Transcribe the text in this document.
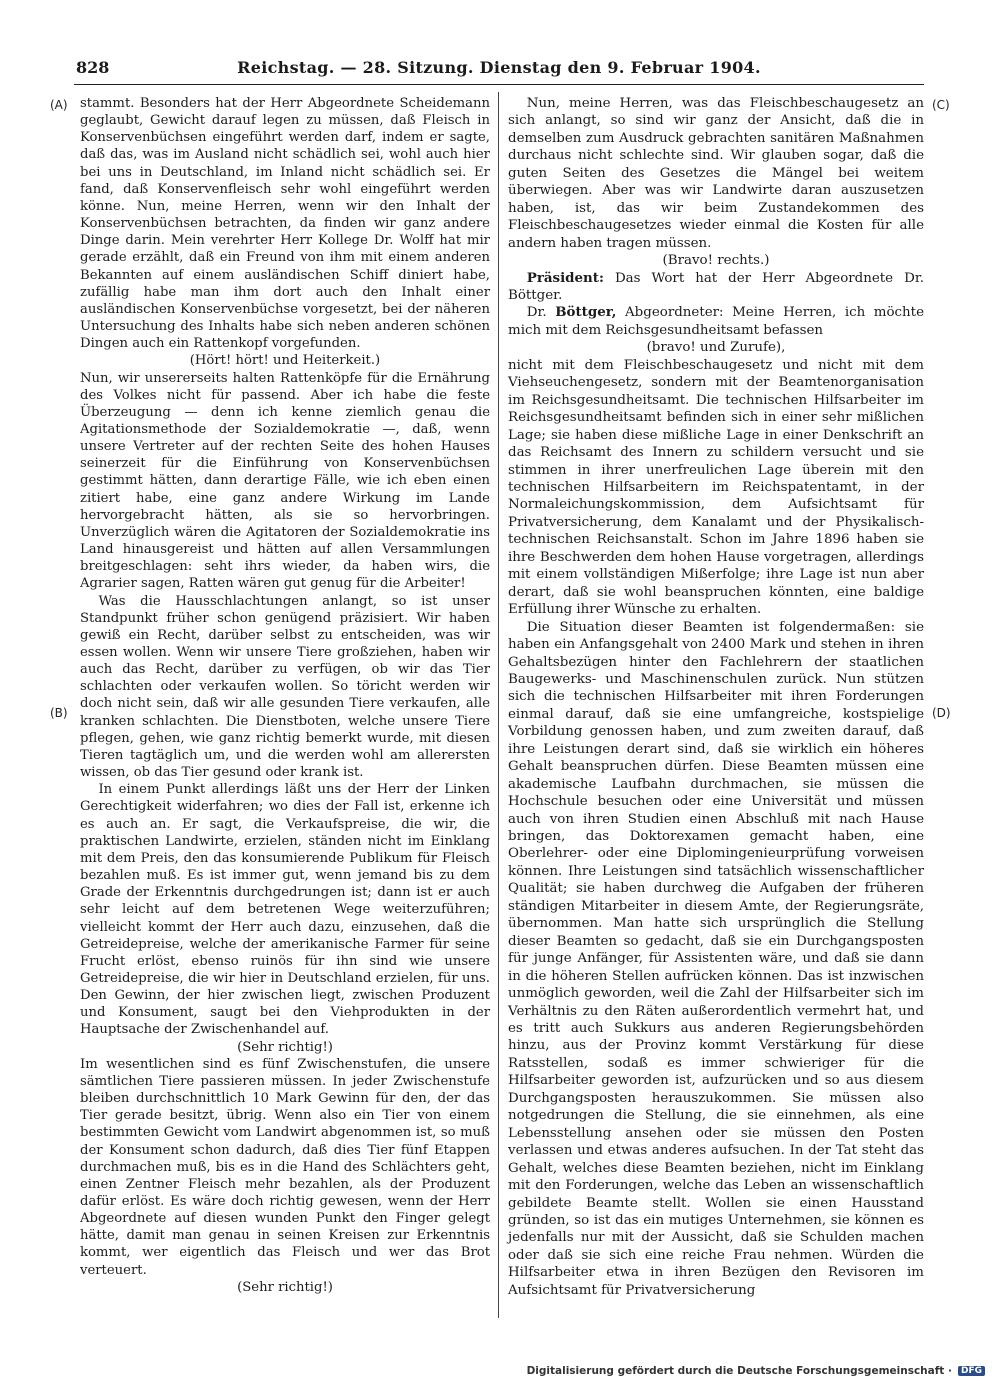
828	Reichstag. — 28. Sitzung. Dienstag den 9. Februar 1904.
(A)
(B)
(C)
(D)

stammt. Besonders hat der Herr Abgeordnete Scheidemann geglaubt, Gewicht darauf legen zu müssen, daß Fleisch in Konservenbüchsen eingeführt werden darf, indem er sagte, daß das, was im Ausland nicht schädlich sei, wohl auch hier bei uns in Deutschland, im Inland nicht schädlich sei. Er fand, daß Konservenfleisch sehr wohl eingeführt werden könne. Nun, meine Herren, wenn wir den Inhalt der Konservenbüchsen betrachten, da finden wir ganz andere Dinge darin. Mein verehrter Herr Kollege Dr. Wolff hat mir gerade erzählt, daß ein Freund von ihm mit einem anderen Bekannten auf einem ausländischen Schiff diniert habe, zufällig habe man ihm dort auch den Inhalt einer ausländischen Konservenbüchse vorgesetzt, bei der näheren Untersuchung des Inhalts habe sich neben anderen schönen Dingen auch ein Rattenkopf vorgefunden.

(Hört! hört! und Heiterkeit.)

Nun, wir unsererseits halten Rattenköpfe für die Ernährung des Volkes nicht für passend. Aber ich habe die feste Überzeugung — denn ich kenne ziemlich genau die Agitationsmethode der Sozialdemokratie —, daß, wenn unsere Vertreter auf der rechten Seite des hohen Hauses seinerzeit für die Einführung von Konservenbüchsen gestimmt hätten, dann derartige Fälle, wie ich eben einen zitiert habe, eine ganz andere Wirkung im Lande hervorgebracht hätten, als sie so hervorbringen. Unverzüglich wären die Agitatoren der Sozialdemokratie ins Land hinausgereist und hätten auf allen Versammlungen breitgeschlagen: seht ihrs wieder, da haben wirs, die Agrarier sagen, Ratten wären gut genug für die Arbeiter!

Was die Hausschlachtungen anlangt, so ist unser Standpunkt früher schon genügend präzisiert. Wir haben gewiß ein Recht, darüber selbst zu entscheiden, was wir essen wollen. Wenn wir unsere Tiere großziehen, haben wir auch das Recht, darüber zu verfügen, ob wir das Tier schlachten oder verkaufen wollen. So töricht werden wir doch nicht sein, daß wir alle gesunden Tiere verkaufen, alle kranken schlachten. Die Dienstboten, welche unsere Tiere pflegen, gehen, wie ganz richtig bemerkt wurde, mit diesen Tieren tagtäglich um, und die werden wohl am allerersten wissen, ob das Tier gesund oder krank ist.

In einem Punkt allerdings läßt uns der Herr der Linken Gerechtigkeit widerfahren; wo dies der Fall ist, erkenne ich es auch an. Er sagt, die Verkaufspreise, die wir, die praktischen Landwirte, erzielen, ständen nicht im Einklang mit dem Preis, den das konsumierende Publikum für Fleisch bezahlen muß. Es ist immer gut, wenn jemand bis zu dem Grade der Erkenntnis durchgedrungen ist; dann ist er auch sehr leicht auf dem betretenen Wege weiterzuführen; vielleicht kommt der Herr auch dazu, einzusehen, daß die Getreidepreise, welche der amerikanische Farmer für seine Frucht erlöst, ebenso ruinös für ihn sind wie unsere Getreidepreise, die wir hier in Deutschland erzielen, für uns. Den Gewinn, der hier zwischen liegt, zwischen Produzent und Konsument, saugt bei den Viehprodukten in der Hauptsache der Zwischenhandel auf.

(Sehr richtig!)

Im wesentlichen sind es fünf Zwischenstufen, die unsere sämtlichen Tiere passieren müssen. In jeder Zwischenstufe bleiben durchschnittlich 10 Mark Gewinn für den, der das Tier gerade besitzt, übrig. Wenn also ein Tier von einem bestimmten Gewicht vom Landwirt abgenommen ist, so muß der Konsument schon dadurch, daß dies Tier fünf Etappen durchmachen muß, bis es in die Hand des Schlächters geht, einen Zentner Fleisch mehr bezahlen, als der Produzent dafür erlöst. Es wäre doch richtig gewesen, wenn der Herr Abgeordnete auf diesen wunden Punkt den Finger gelegt hätte, damit man genau in seinen Kreisen zur Erkenntnis kommt, wer eigentlich das Fleisch und wer das Brot verteuert.

(Sehr richtig!)

Nun, meine Herren, was das Fleischbeschaugesetz an sich anlangt, so sind wir ganz der Ansicht, daß die in demselben zum Ausdruck gebrachten sanitären Maßnahmen durchaus nicht schlechte sind. Wir glauben sogar, daß die guten Seiten des Gesetzes die Mängel bei weitem überwiegen. Aber was wir Landwirte daran auszusetzen haben, ist, das wir beim Zustandekommen des Fleischbeschaugesetzes wieder einmal die Kosten für alle andern haben tragen müssen.

(Bravo! rechts.)

Präsident: Das Wort hat der Herr Abgeordnete Dr. Böttger.

Dr. Böttger, Abgeordneter: Meine Herren, ich möchte mich mit dem Reichsgesundheitsamt befassen

(bravo! und Zurufe),

nicht mit dem Fleischbeschaugesetz und nicht mit dem Viehseuchengesetz, sondern mit der Beamtenorganisation im Reichsgesundheitsamt. Die technischen Hilfsarbeiter im Reichsgesundheitsamt befinden sich in einer sehr mißlichen Lage; sie haben diese mißliche Lage in einer Denkschrift an das Reichsamt des Innern zu schildern versucht und sie stimmen in ihrer unerfreulichen Lage überein mit den technischen Hilfsarbeitern im Reichspatentamt, in der Normaleichungskommission, dem Aufsichtsamt für Privatversicherung, dem Kanalamt und der Physikalisch-technischen Reichsanstalt. Schon im Jahre 1896 haben sie ihre Beschwerden dem hohen Hause vorgetragen, allerdings mit einem vollständigen Mißerfolge; ihre Lage ist nun aber derart, daß sie wohl beanspruchen könnten, eine baldige Erfüllung ihrer Wünsche zu erhalten.

Die Situation dieser Beamten ist folgendermaßen: sie haben ein Anfangsgehalt von 2400 Mark und stehen in ihren Gehaltsbezügen hinter den Fachlehrern der staatlichen Baugewerks- und Maschinenschulen zurück. Nun stützen sich die technischen Hilfsarbeiter mit ihren Forderungen einmal darauf, daß sie eine umfangreiche, kostspielige Vorbildung genossen haben, und zum zweiten darauf, daß ihre Leistungen derart sind, daß sie wirklich ein höheres Gehalt beanspruchen dürfen. Diese Beamten müssen eine akademische Laufbahn durchmachen, sie müssen die Hochschule besuchen oder eine Universität und müssen auch von ihren Studien einen Abschluß mit nach Hause bringen, das Doktorexamen gemacht haben, eine Oberlehrer- oder eine Diplomingenieurprüfung vorweisen können. Ihre Leistungen sind tatsächlich wissenschaftlicher Qualität; sie haben durchweg die Aufgaben der früheren ständigen Mitarbeiter in diesem Amte, der Regierungsräte, übernommen. Man hatte sich ursprünglich die Stellung dieser Beamten so gedacht, daß sie ein Durchgangsposten für junge Anfänger, für Assistenten wäre, und daß sie dann in die höheren Stellen aufrücken können. Das ist inzwischen unmöglich geworden, weil die Zahl der Hilfsarbeiter sich im Verhältnis zu den Räten außerordentlich vermehrt hat, und es tritt auch Sukkurs aus anderen Regierungsbehörden hinzu, aus der Provinz kommt Verstärkung für diese Ratsstellen, sodaß es immer schwieriger für die Hilfsarbeiter geworden ist, aufzurücken und so aus diesem Durchgangsposten herauszukommen. Sie müssen also notgedrungen die Stellung, die sie einnehmen, als eine Lebensstellung ansehen oder sie müssen den Posten verlassen und etwas anderes aufsuchen. In der Tat steht das Gehalt, welches diese Beamten beziehen, nicht im Einklang mit den Forderungen, welche das Leben an wissenschaftlich gebildete Beamte stellt. Wollen sie einen Hausstand gründen, so ist das ein mutiges Unternehmen, sie können es jedenfalls nur mit der Aussicht, daß sie Schulden machen oder daß sie sich eine reiche Frau nehmen. Würden die Hilfsarbeiter etwa in ihren Bezügen den Revisoren im Aufsichtsamt für Privatversicherung

Digitalisierung gefördert durch die Deutsche Forschungsgemeinschaft · DFG
